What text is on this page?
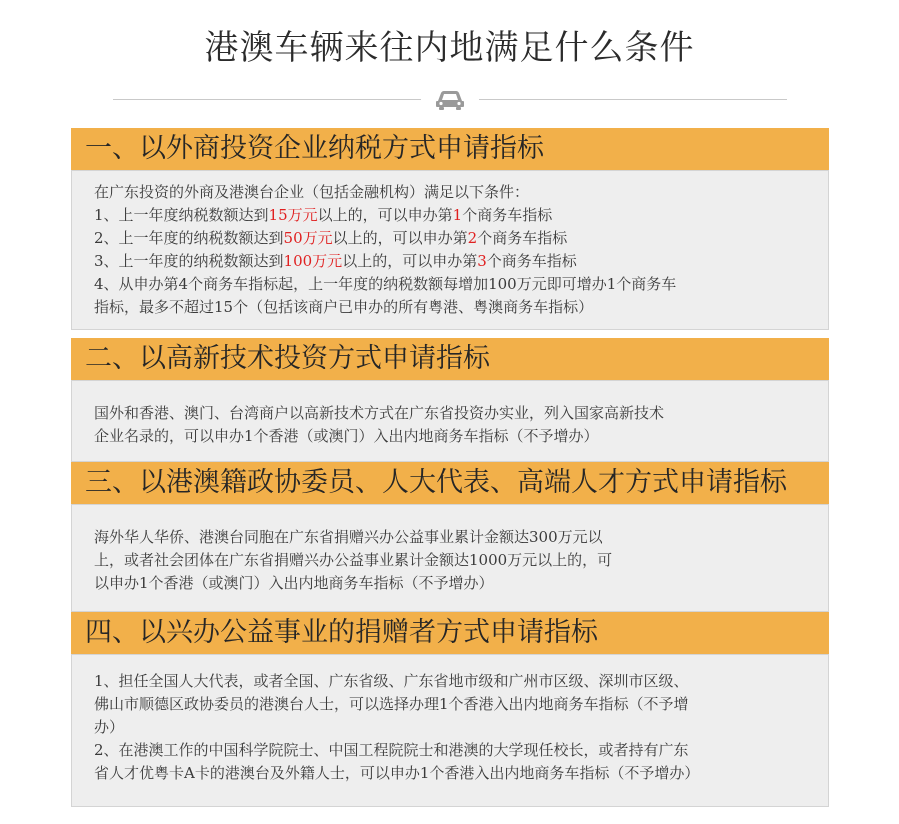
港澳车辆来往内地满足什么条件
一、以外商投资企业纳税方式申请指标
在广东投资的外商及港澳台企业（包括金融机构）满足以下条件：
1、上一年度纳税数额达到15万元以上的，可以申办第1个商务车指标
2、上一年度的纳税数额达到50万元以上的，可以申办第2个商务车指标
3、上一年度的纳税数额达到100万元以上的，可以申办第3个商务车指标
4、从申办第4个商务车指标起，上一年度的纳税数额每增加100万元即可增办1个商务车
指标，最多不超过15个（包括该商户已申办的所有粤港、粤澳商务车指标）
二、以高新技术投资方式申请指标
国外和香港、澳门、台湾商户以高新技术方式在广东省投资办实业，列入国家高新技术
企业名录的，可以申办1个香港（或澳门）入出内地商务车指标（不予增办）
三、以港澳籍政协委员、人大代表、高端人才方式申请指标
海外华人华侨、港澳台同胞在广东省捐赠兴办公益事业累计金额达300万元以
上，或者社会团体在广东省捐赠兴办公益事业累计金额达1000万元以上的，可
以申办1个香港（或澳门）入出内地商务车指标（不予增办）
四、以兴办公益事业的捐赠者方式申请指标
1、担任全国人大代表，或者全国、广东省级、广东省地市级和广州市区级、深圳市区级、
佛山市顺德区政协委员的港澳台人士，可以选择办理1个香港入出内地商务车指标（不予增
办）
2、在港澳工作的中国科学院院士、中国工程院院士和港澳的大学现任校长，或者持有广东
省人才优粤卡A卡的港澳台及外籍人士，可以申办1个香港入出内地商务车指标（不予增办）
